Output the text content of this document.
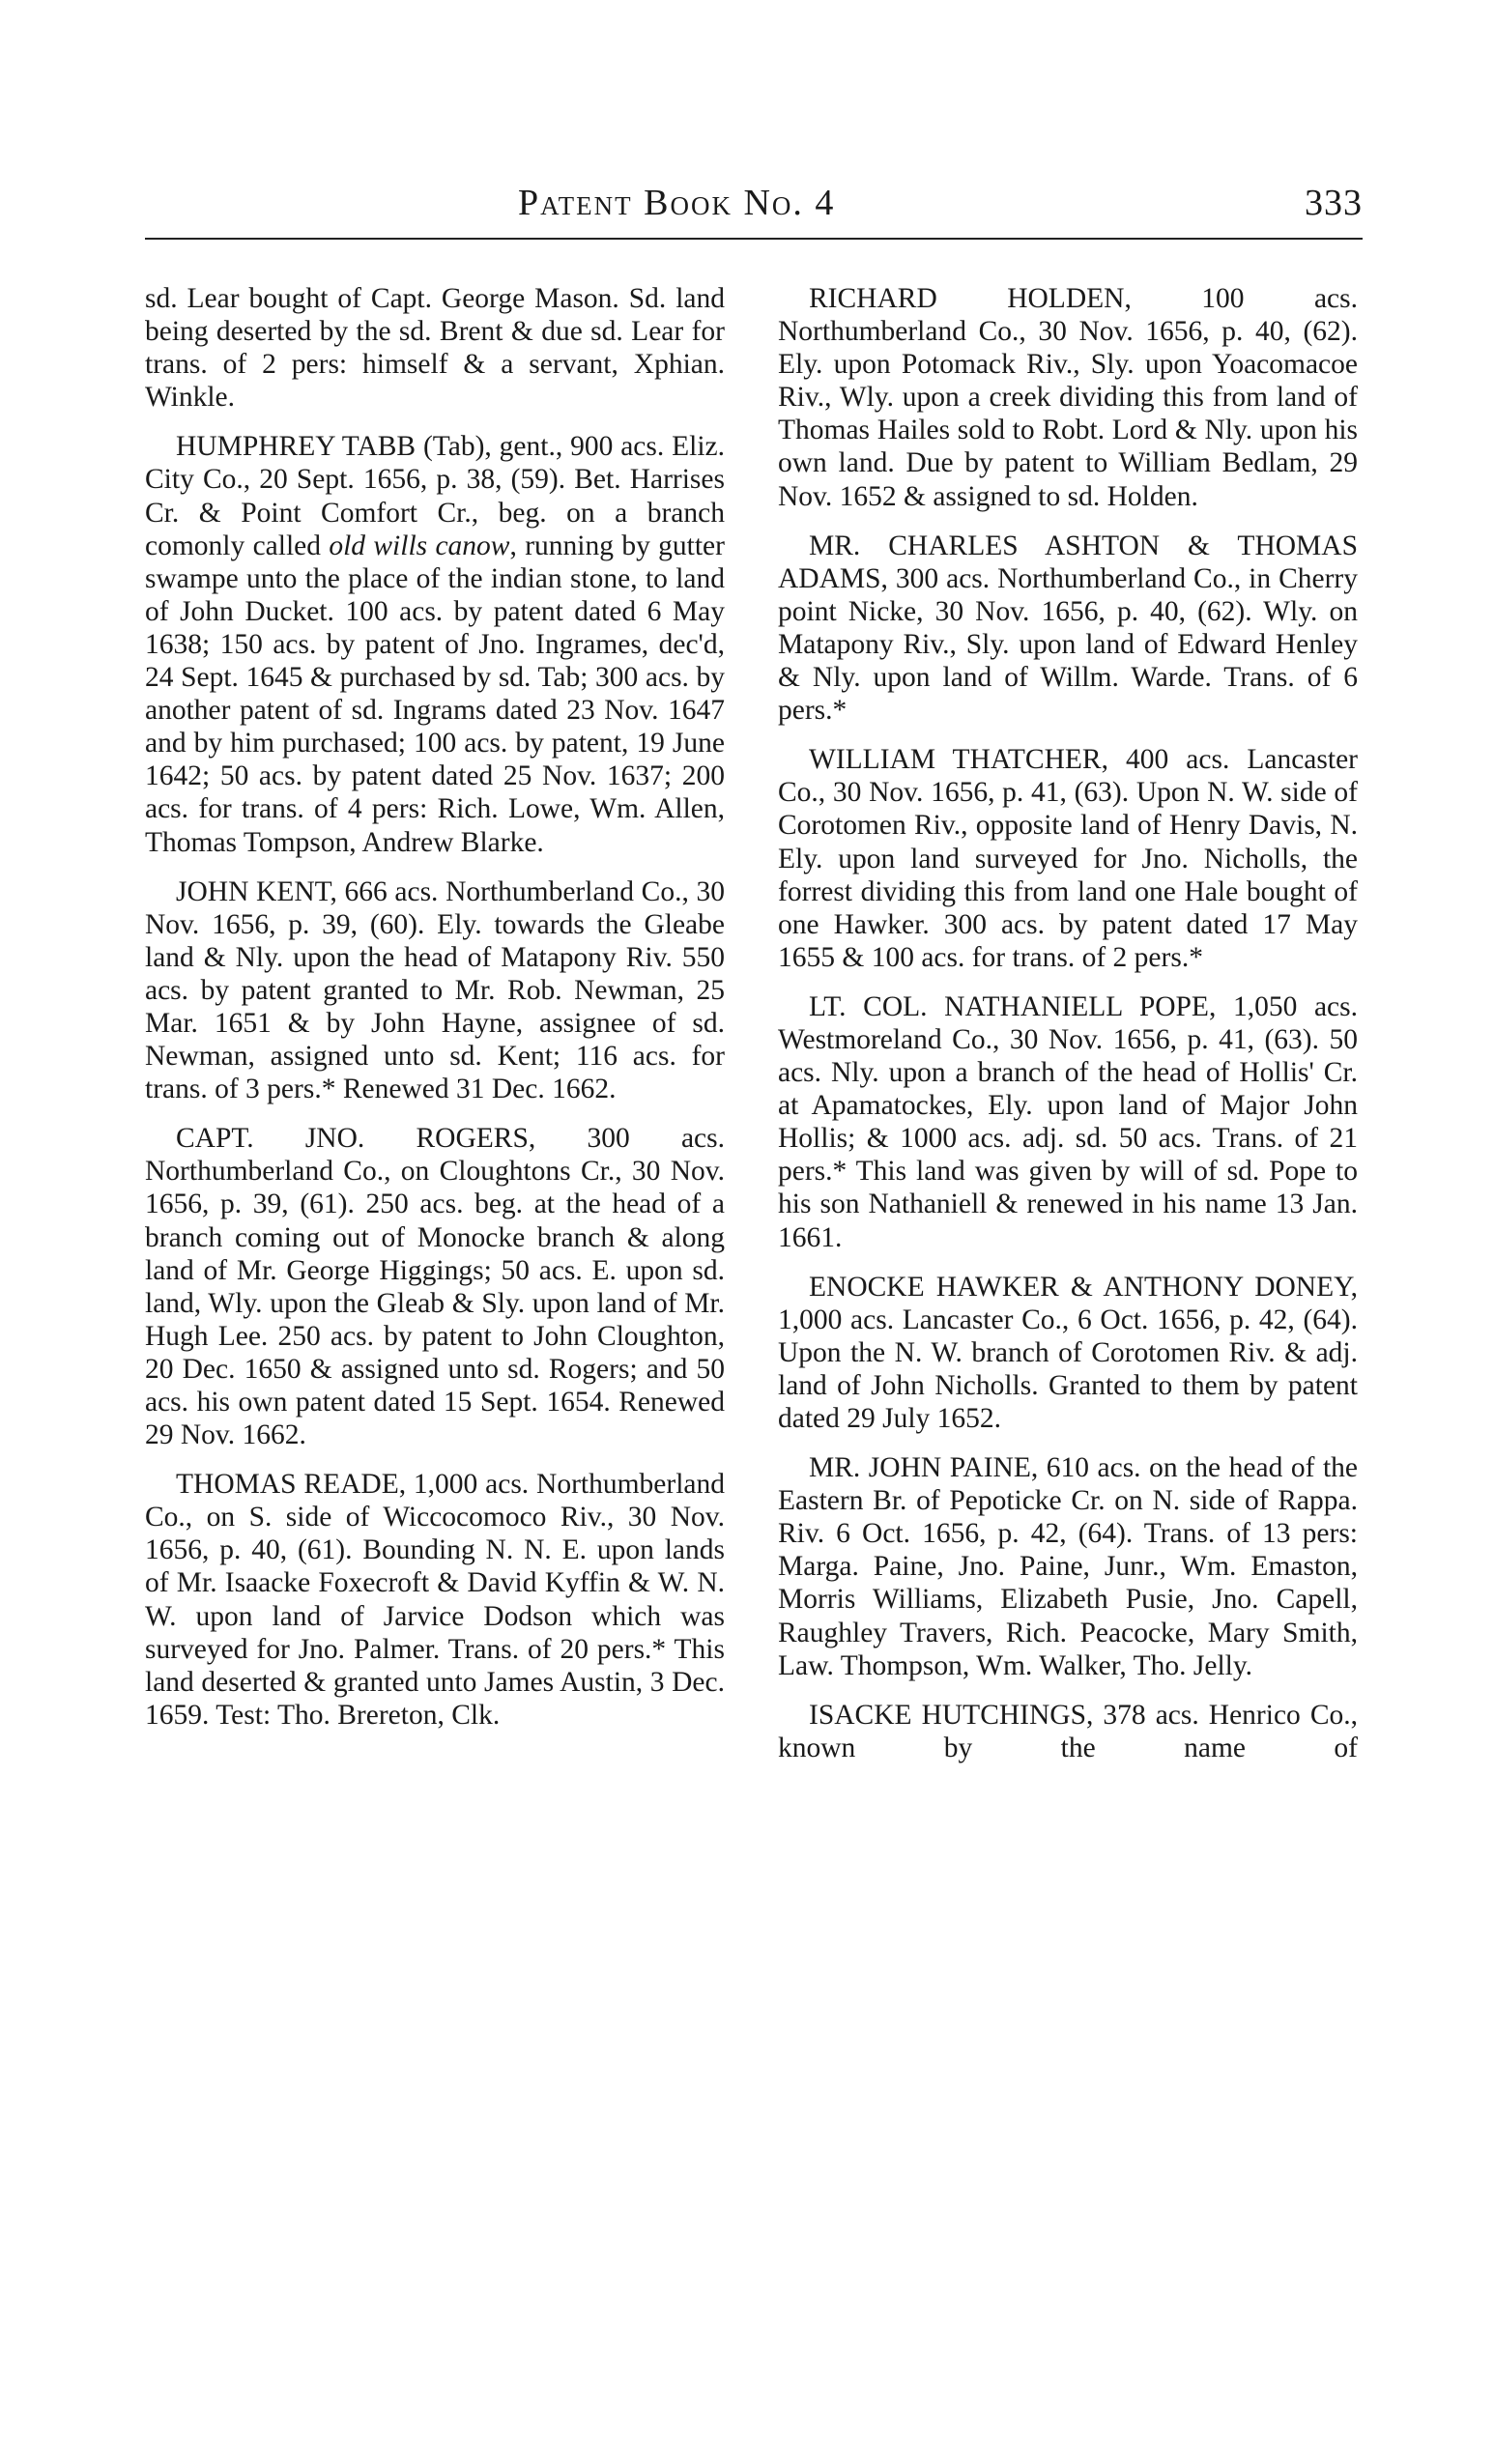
Patent Book No. 4	333

sd. Lear bought of Capt. George Mason. Sd. land being deserted by the sd. Brent & due sd. Lear for trans. of 2 pers: himself & a servant, Xphian. Winkle.

HUMPHREY TABB (Tab), gent., 900 acs. Eliz. City Co., 20 Sept. 1656, p. 38, (59). Bet. Harrises Cr. & Point Comfort Cr., beg. on a branch comonly called old wills canow, running by gutter swampe unto the place of the indian stone, to land of John Ducket. 100 acs. by patent dated 6 May 1638; 150 acs. by patent of Jno. Ingrames, dec'd, 24 Sept. 1645 & purchased by sd. Tab; 300 acs. by another patent of sd. Ingrams dated 23 Nov. 1647 and by him purchased; 100 acs. by patent, 19 June 1642; 50 acs. by patent dated 25 Nov. 1637; 200 acs. for trans. of 4 pers: Rich. Lowe, Wm. Allen, Thomas Tompson, Andrew Blarke.

JOHN KENT, 666 acs. Northumberland Co., 30 Nov. 1656, p. 39, (60). Ely. towards the Gleabe land & Nly. upon the head of Matapony Riv. 550 acs. by patent granted to Mr. Rob. Newman, 25 Mar. 1651 & by John Hayne, assignee of sd. Newman, assigned unto sd. Kent; 116 acs. for trans. of 3 pers.* Renewed 31 Dec. 1662.

CAPT. JNO. ROGERS, 300 acs. Northumberland Co., on Cloughtons Cr., 30 Nov. 1656, p. 39, (61). 250 acs. beg. at the head of a branch coming out of Monocke branch & along land of Mr. George Higgings; 50 acs. E. upon sd. land, Wly. upon the Gleab & Sly. upon land of Mr. Hugh Lee. 250 acs. by patent to John Cloughton, 20 Dec. 1650 & assigned unto sd. Rogers; and 50 acs. his own patent dated 15 Sept. 1654. Renewed 29 Nov. 1662.

THOMAS READE, 1,000 acs. Northumberland Co., on S. side of Wiccocomoco Riv., 30 Nov. 1656, p. 40, (61). Bounding N. N. E. upon lands of Mr. Isaacke Foxecroft & David Kyffin & W. N. W. upon land of Jarvice Dodson which was surveyed for Jno. Palmer. Trans. of 20 pers.* This land deserted & granted unto James Austin, 3 Dec. 1659. Test: Tho. Brereton, Clk.

RICHARD HOLDEN, 100 acs. Northumberland Co., 30 Nov. 1656, p. 40, (62). Ely. upon Potomack Riv., Sly. upon Yoacomacoe Riv., Wly. upon a creek dividing this from land of Thomas Hailes sold to Robt. Lord & Nly. upon his own land. Due by patent to William Bedlam, 29 Nov. 1652 & assigned to sd. Holden.

MR. CHARLES ASHTON & THOMAS ADAMS, 300 acs. Northumberland Co., in Cherry point Nicke, 30 Nov. 1656, p. 40, (62). Wly. on Matapony Riv., Sly. upon land of Edward Henley & Nly. upon land of Willm. Warde. Trans. of 6 pers.*

WILLIAM THATCHER, 400 acs. Lancaster Co., 30 Nov. 1656, p. 41, (63). Upon N. W. side of Corotomen Riv., opposite land of Henry Davis, N. Ely. upon land surveyed for Jno. Nicholls, the forrest dividing this from land one Hale bought of one Hawker. 300 acs. by patent dated 17 May 1655 & 100 acs. for trans. of 2 pers.*

LT. COL. NATHANIELL POPE, 1,050 acs. Westmoreland Co., 30 Nov. 1656, p. 41, (63). 50 acs. Nly. upon a branch of the head of Hollis' Cr. at Apamatockes, Ely. upon land of Major John Hollis; & 1000 acs. adj. sd. 50 acs. Trans. of 21 pers.* This land was given by will of sd. Pope to his son Nathaniell & renewed in his name 13 Jan. 1661.

ENOCKE HAWKER & ANTHONY DONEY, 1,000 acs. Lancaster Co., 6 Oct. 1656, p. 42, (64). Upon the N. W. branch of Corotomen Riv. & adj. land of John Nicholls. Granted to them by patent dated 29 July 1652.

MR. JOHN PAINE, 610 acs. on the head of the Eastern Br. of Pepoticke Cr. on N. side of Rappa. Riv. 6 Oct. 1656, p. 42, (64). Trans. of 13 pers: Marga. Paine, Jno. Paine, Junr., Wm. Emaston, Morris Williams, Elizabeth Pusie, Jno. Capell, Raughley Travers, Rich. Peacocke, Mary Smith, Law. Thompson, Wm. Walker, Tho. Jelly.

ISACKE HUTCHINGS, 378 acs. Henrico Co., known by the name of
